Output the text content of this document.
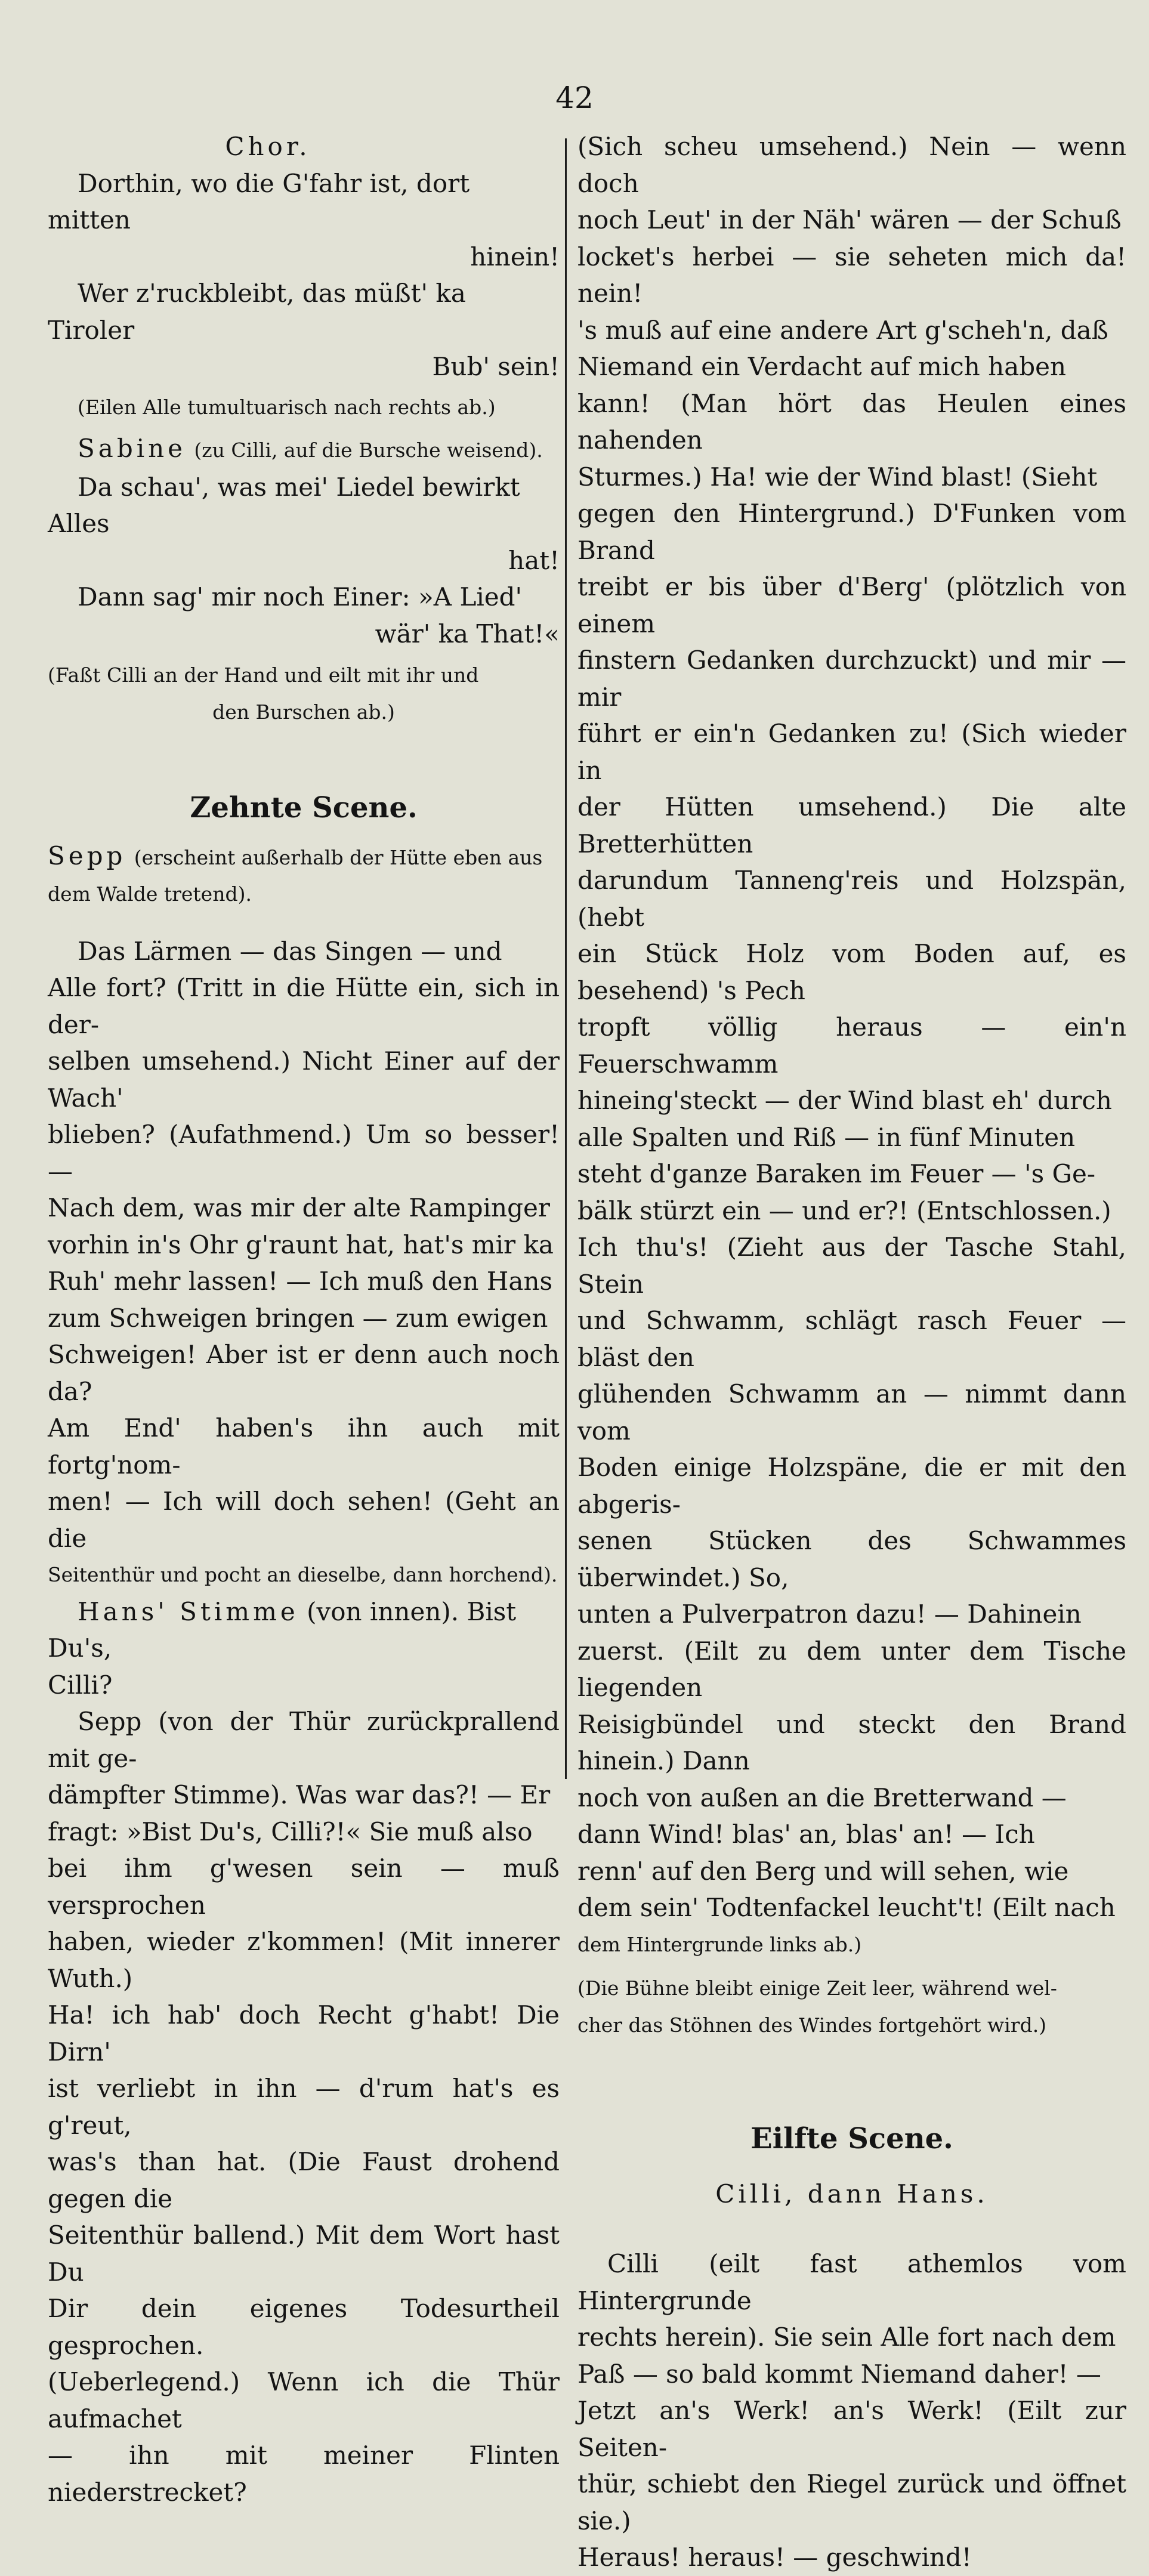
42

Chor.

Dorthin, wo die G'fahr ist, dort mitten

hinein!

Wer z'ruckbleibt, das müßt' ka Tiroler

Bub' sein!

(Eilen Alle tumultuarisch nach rechts ab.)

Sabine (zu Cilli, auf die Bursche weisend).

Da schau', was mei' Liedel bewirkt Alles

hat!

Dann sag' mir noch Einer: »A Lied'

wär' ka That!«

(Faßt Cilli an der Hand und eilt mit ihr und

den Burschen ab.)

Zehnte Scene.

Sepp (erscheint außerhalb der Hütte eben aus

dem Walde tretend).

Das Lärmen — das Singen — und

Alle fort? (Tritt in die Hütte ein, sich in der-

selben umsehend.) Nicht Einer auf der Wach'

blieben? (Aufathmend.) Um so besser! —

Nach dem, was mir der alte Rampinger

vorhin in's Ohr g'raunt hat, hat's mir ka

Ruh' mehr lassen! — Ich muß den Hans

zum Schweigen bringen — zum ewigen

Schweigen! Aber ist er denn auch noch da?

Am End' haben's ihn auch mit fortg'nom-

men! — Ich will doch sehen! (Geht an die

Seitenthür und pocht an dieselbe, dann horchend).

Hans' Stimme (von innen). Bist Du's,

Cilli?

Sepp (von der Thür zurückprallend mit ge-

dämpfter Stimme). Was war das?! — Er

fragt: »Bist Du's, Cilli?!« Sie muß also

bei ihm g'wesen sein — muß versprochen

haben, wieder z'kommen! (Mit innerer Wuth.)

Ha! ich hab' doch Recht g'habt! Die Dirn'

ist verliebt in ihn — d'rum hat's es g'reut,

was's than hat. (Die Faust drohend gegen die

Seitenthür ballend.) Mit dem Wort hast Du

Dir dein eigenes Todesurtheil gesprochen.

(Ueberlegend.) Wenn ich die Thür aufmachet

— ihn mit meiner Flinten niederstrecket?

(Sich scheu umsehend.) Nein — wenn doch

noch Leut' in der Näh' wären — der Schuß

locket's herbei — sie seheten mich da! nein!

's muß auf eine andere Art g'scheh'n, daß

Niemand ein Verdacht auf mich haben

kann! (Man hört das Heulen eines nahenden

Sturmes.) Ha! wie der Wind blast! (Sieht

gegen den Hintergrund.) D'Funken vom Brand

treibt er bis über d'Berg' (plötzlich von einem

finstern Gedanken durchzuckt) und mir — mir

führt er ein'n Gedanken zu! (Sich wieder in

der Hütten umsehend.) Die alte Bretterhütten

darundum Tanneng'reis und Holzspän, (hebt

ein Stück Holz vom Boden auf, es besehend) 's Pech

tropft völlig heraus — ein'n Feuerschwamm

hineing'steckt — der Wind blast eh' durch

alle Spalten und Riß — in fünf Minuten

steht d'ganze Baraken im Feuer — 's Ge-

bälk stürzt ein — und er?! (Entschlossen.)

Ich thu's! (Zieht aus der Tasche Stahl, Stein

und Schwamm, schlägt rasch Feuer — bläst den

glühenden Schwamm an — nimmt dann vom

Boden einige Holzspäne, die er mit den abgeris-

senen Stücken des Schwammes überwindet.) So,

unten a Pulverpatron dazu! — Dahinein

zuerst. (Eilt zu dem unter dem Tische liegenden

Reisigbündel und steckt den Brand hinein.) Dann

noch von außen an die Bretterwand —

dann Wind! blas' an, blas' an! — Ich

renn' auf den Berg und will sehen, wie

dem sein' Todtenfackel leucht't! (Eilt nach

dem Hintergrunde links ab.)

(Die Bühne bleibt einige Zeit leer, während wel-

cher das Stöhnen des Windes fortgehört wird.)

Eilfte Scene.

Cilli, dann Hans.

Cilli (eilt fast athemlos vom Hintergrunde

rechts herein). Sie sein Alle fort nach dem

Paß — so bald kommt Niemand daher! —

Jetzt an's Werk! an's Werk! (Eilt zur Seiten-

thür, schiebt den Riegel zurück und öffnet sie.)

Heraus! heraus! — geschwind!
